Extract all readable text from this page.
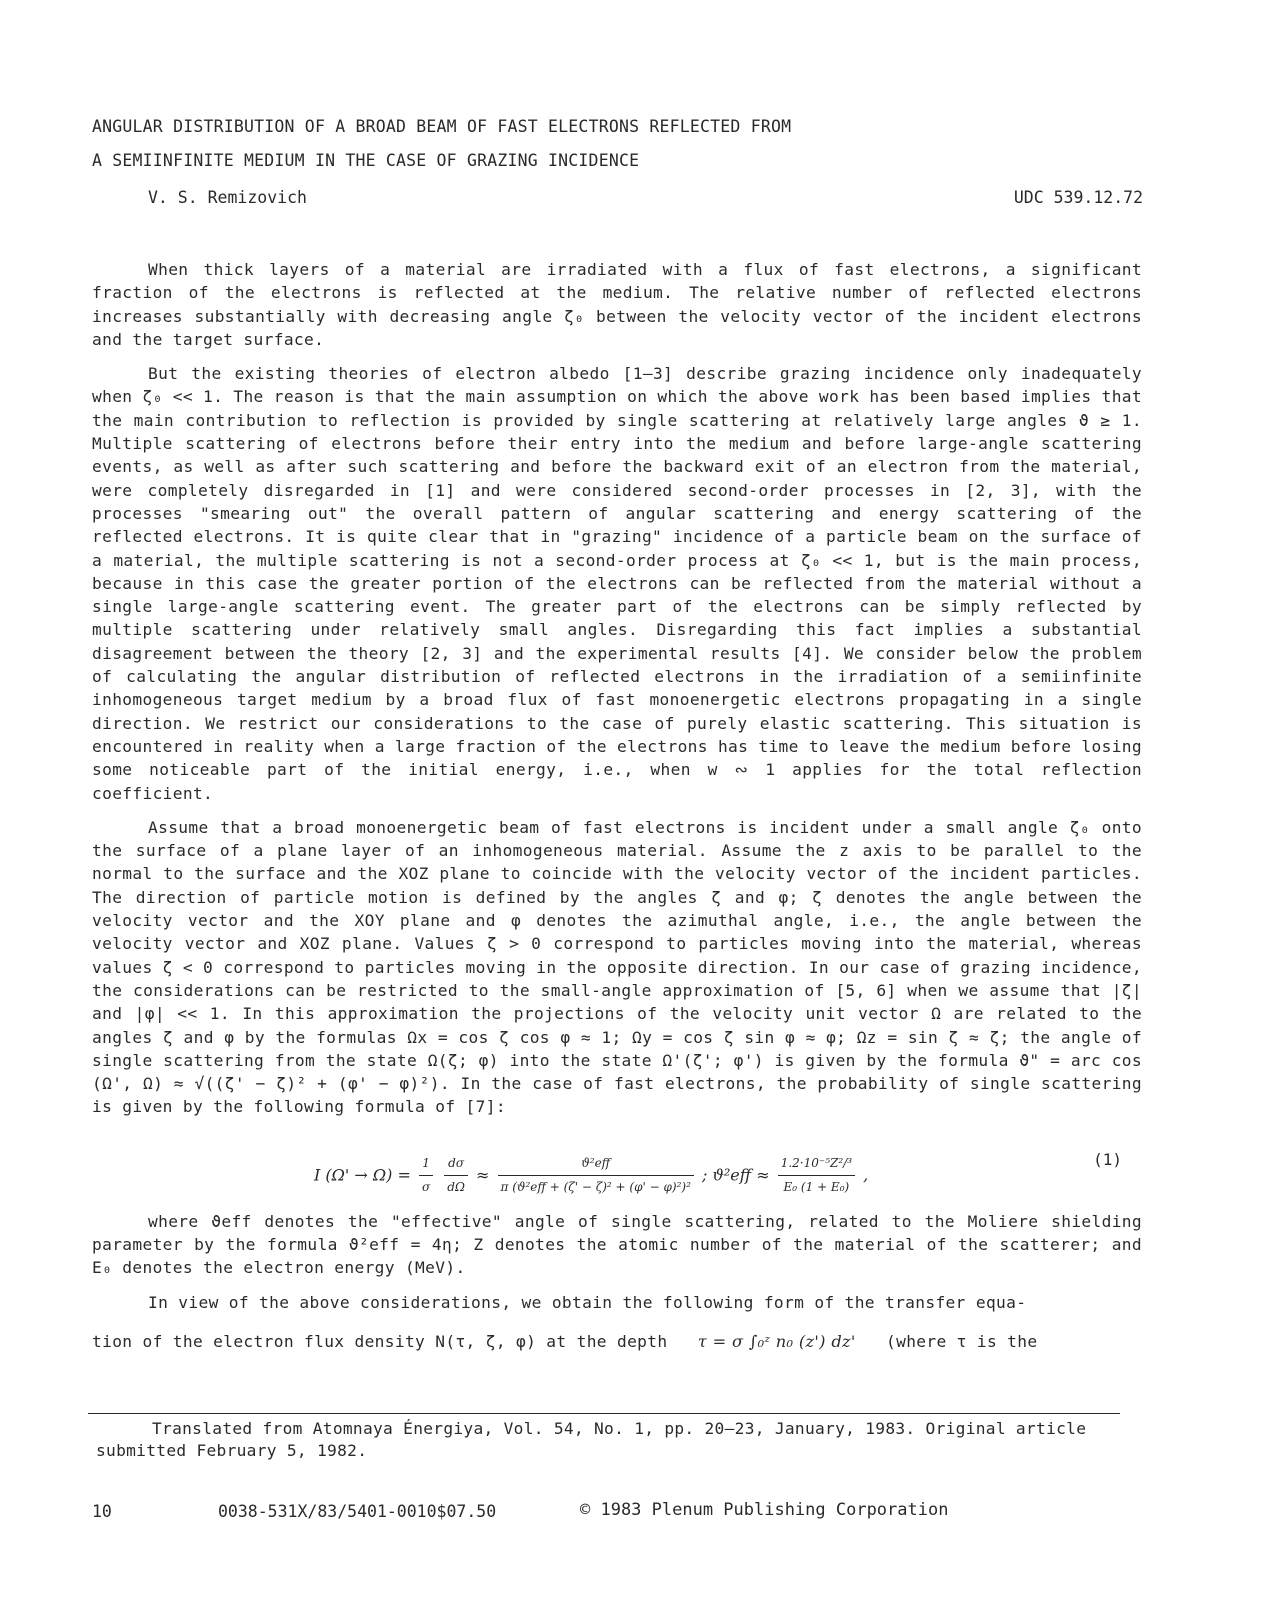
ANGULAR DISTRIBUTION OF A BROAD BEAM OF FAST ELECTRONS REFLECTED FROM
A SEMIINFINITE MEDIUM IN THE CASE OF GRAZING INCIDENCE
V. S. Remizovich	UDC 539.12.72

When thick layers of a material are irradiated with a flux of fast electrons, a significant fraction of the electrons is reflected at the medium. The relative number of reflected electrons increases substantially with decreasing angle ζ₀ between the velocity vector of the incident electrons and the target surface.

But the existing theories of electron albedo [1–3] describe grazing incidence only inadequately when ζ₀ << 1. The reason is that the main assumption on which the above work has been based implies that the main contribution to reflection is provided by single scattering at relatively large angles ϑ ≥ 1. Multiple scattering of electrons before their entry into the medium and before large-angle scattering events, as well as after such scattering and before the backward exit of an electron from the material, were completely disregarded in [1] and were considered second-order processes in [2, 3], with the processes "smearing out" the overall pattern of angular scattering and energy scattering of the reflected electrons. It is quite clear that in "grazing" incidence of a particle beam on the surface of a material, the multiple scattering is not a second-order process at ζ₀ << 1, but is the main process, because in this case the greater portion of the electrons can be reflected from the material without a single large-angle scattering event. The greater part of the electrons can be simply reflected by multiple scattering under relatively small angles. Disregarding this fact implies a substantial disagreement between the theory [2, 3] and the experimental results [4]. We consider below the problem of calculating the angular distribution of reflected electrons in the irradiation of a semiinfinite inhomogeneous target medium by a broad flux of fast monoenergetic electrons propagating in a single direction. We restrict our considerations to the case of purely elastic scattering. This situation is encountered in reality when a large fraction of the electrons has time to leave the medium before losing some noticeable part of the initial energy, i.e., when w ∾ 1 applies for the total reflection coefficient.

Assume that a broad monoenergetic beam of fast electrons is incident under a small angle ζ₀ onto the surface of a plane layer of an inhomogeneous material. Assume the z axis to be parallel to the normal to the surface and the XOZ plane to coincide with the velocity vector of the incident particles. The direction of particle motion is defined by the angles ζ and φ; ζ denotes the angle between the velocity vector and the XOY plane and φ denotes the azimuthal angle, i.e., the angle between the velocity vector and XOZ plane. Values ζ > 0 correspond to particles moving into the material, whereas values ζ < 0 correspond to particles moving in the opposite direction. In our case of grazing incidence, the considerations can be restricted to the small-angle approximation of [5, 6] when we assume that |ζ| and |φ| << 1. In this approximation the projections of the velocity unit vector Ω are related to the angles ζ and φ by the formulas Ωx = cos ζ cos φ ≈ 1; Ωy = cos ζ sin φ ≈ φ; Ωz = sin ζ ≈ ζ; the angle of single scattering from the state Ω(ζ; φ) into the state Ω'(ζ'; φ') is given by the formula ϑ" = arc cos (Ω', Ω) ≈ √((ζ' − ζ)² + (φ' − φ)²). In the case of fast electrons, the probability of single scattering is given by the following formula of [7]:

I $(\Omega' \to \Omega) = \frac{1}{\sigma}$
$\frac{d\sigma}{d\Omega} \approx \frac{\text{ϑ²eff}}{\text{π (ϑ²eff + (ζ' − ζ)² + (φ' − φ)²)²}}$ ; $ϑ^2eff \approx \frac{\text{1.2·10⁻⁵Z²/³}}{\text{E₀ (1 + E₀)}}$ ,
(1)

where ϑeff denotes the "effective" angle of single scattering, related to the Moliere shielding parameter by the formula ϑ²eff = 4η; Z denotes the atomic number of the material of the scatterer; and E₀ denotes the electron energy (MeV).

In view of the above considerations, we obtain the following form of the transfer equa-

tion of the electron flux density N(τ, ζ, φ) at the depth τ = σ ∫₀ᶻ n₀ (z') dz' (where τ is the
Translated from Atomnaya Énergiya, Vol. 54, No. 1, pp. 20–23, January, 1983. Original article submitted February 5, 1982.
10	0038-531X/83/5401-0010$07.50	© 1983 Plenum Publishing Corporation
